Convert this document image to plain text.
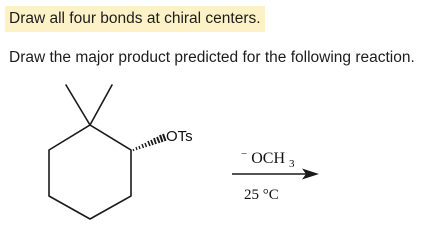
Draw all four bonds at chiral centers.
Draw the major product predicted for the following reaction.
OTs
− OCH $_3$
25 °C
